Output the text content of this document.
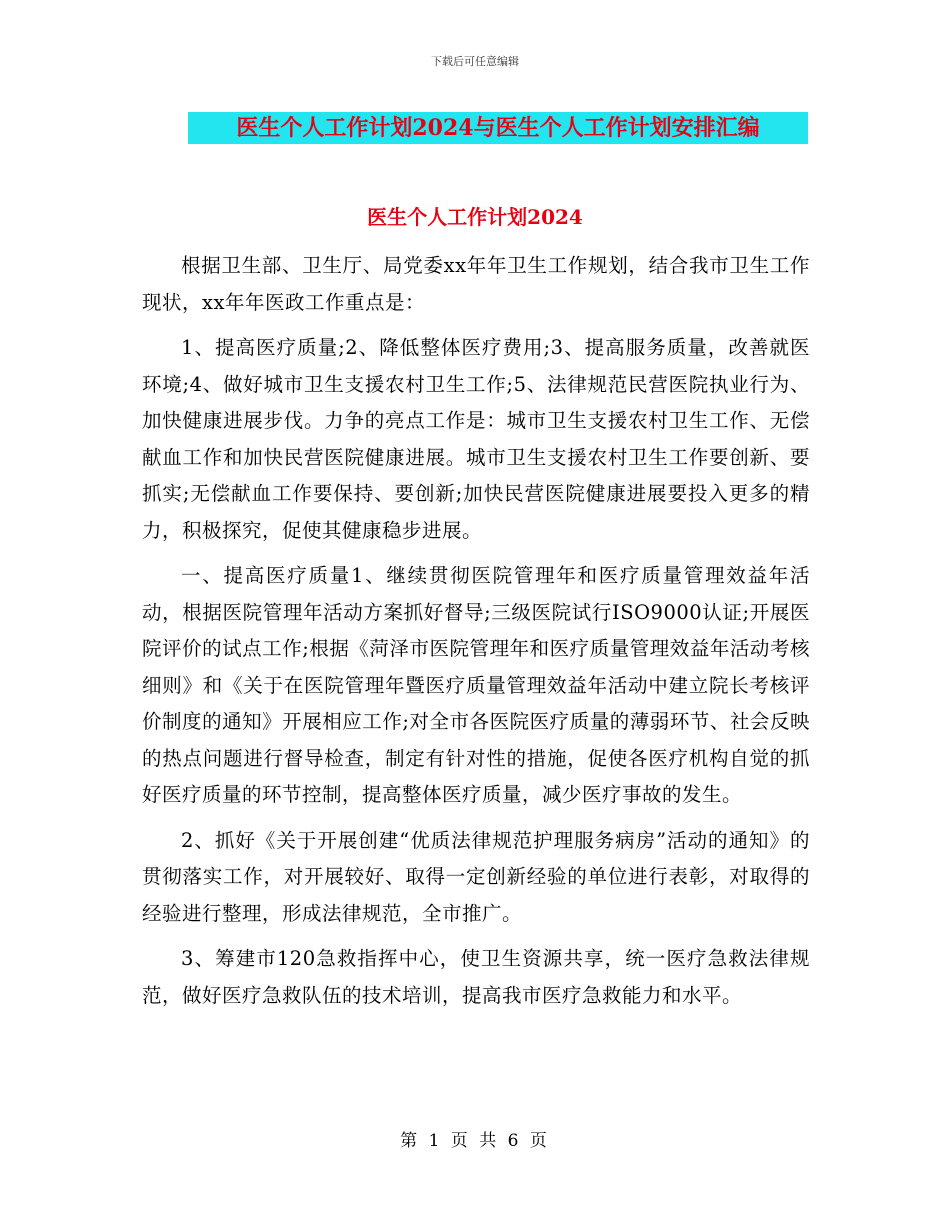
下载后可任意编辑
医生个人工作计划2024与医生个人工作计划安排汇编
医生个人工作计划2024

根据卫生部、卫生厅、局党委xx年年卫生工作规划，结合我市卫生工作现状，xx年年医政工作重点是：

1、提高医疗质量;2、降低整体医疗费用;3、提高服务质量，改善就医环境;4、做好城市卫生支援农村卫生工作;5、法律规范民营医院执业行为、加快健康进展步伐。力争的亮点工作是：城市卫生支援农村卫生工作、无偿献血工作和加快民营医院健康进展。城市卫生支援农村卫生工作要创新、要抓实;无偿献血工作要保持、要创新;加快民营医院健康进展要投入更多的精力，积极探究，促使其健康稳步进展。

一、提高医疗质量1、继续贯彻医院管理年和医疗质量管理效益年活动，根据医院管理年活动方案抓好督导;三级医院试行ISO9000认证;开展医院评价的试点工作;根据《菏泽市医院管理年和医疗质量管理效益年活动考核细则》和《关于在医院管理年暨医疗质量管理效益年活动中建立院长考核评价制度的通知》开展相应工作;对全市各医院医疗质量的薄弱环节、社会反映的热点问题进行督导检查，制定有针对性的措施，促使各医疗机构自觉的抓好医疗质量的环节控制，提高整体医疗质量，减少医疗事故的发生。

2、抓好《关于开展创建“优质法律规范护理服务病房”活动的通知》的贯彻落实工作，对开展较好、取得一定创新经验的单位进行表彰，对取得的经验进行整理，形成法律规范，全市推广。

3、筹建市120急救指挥中心，使卫生资源共享，统一医疗急救法律规范，做好医疗急救队伍的技术培训，提高我市医疗急救能力和水平。

第 1 页 共 6 页
